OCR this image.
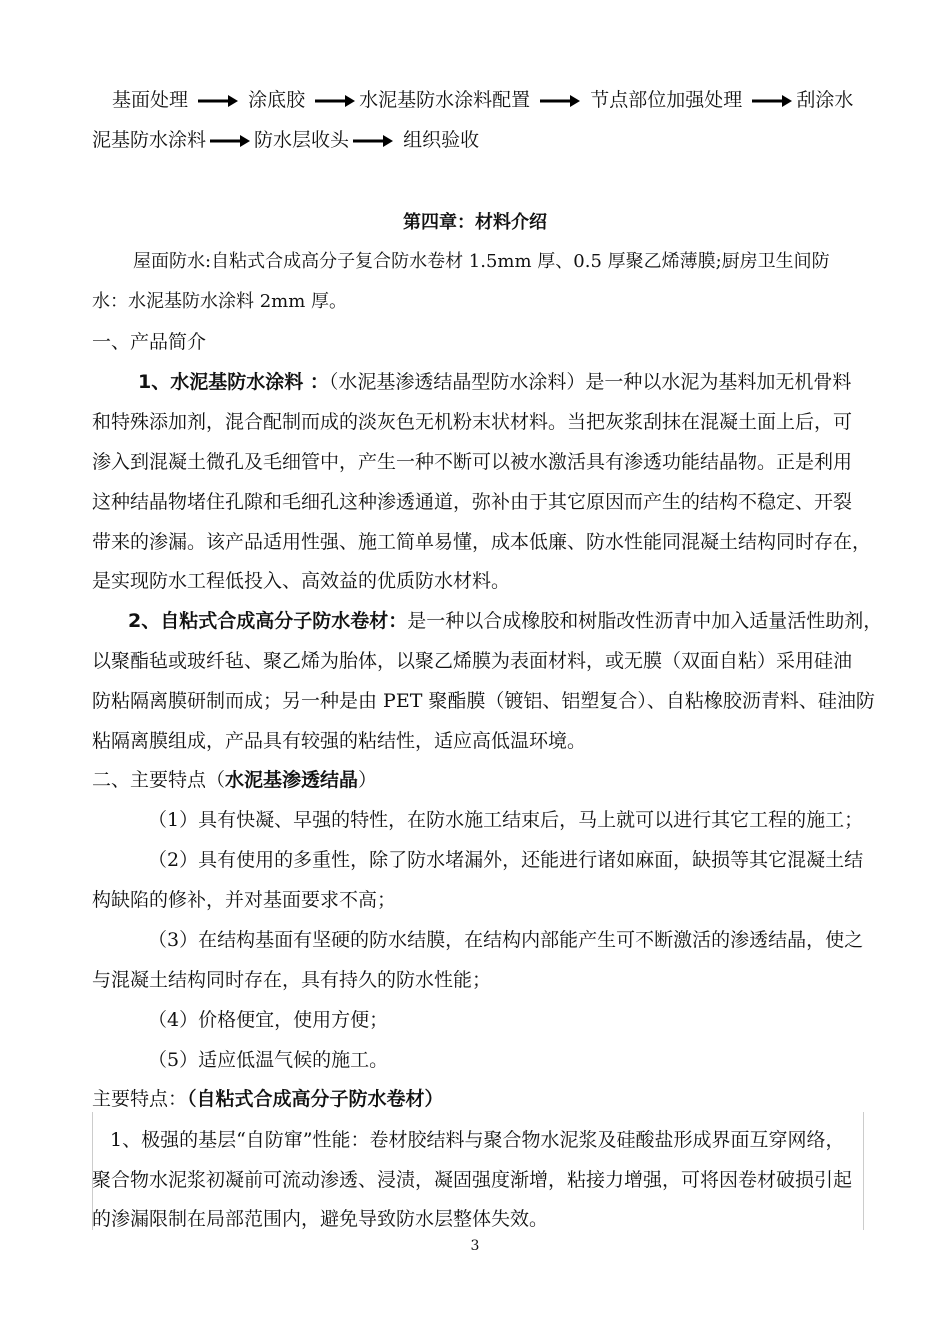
基面处理	涂底胶	水泥基防水涂料配置	节点部位加强处理	刮涂水
泥基防水涂料	防水层收头	组织验收
第四章：材料介绍
屋面防水:自粘式合成高分子复合防水卷材 1.5mm 厚、0.5 厚聚乙烯薄膜;厨房卫生间防
水：水泥基防水涂料 2mm 厚。
一、产品简介
1、水泥基防水涂料 ：（水泥基渗透结晶型防水涂料）是一种以水泥为基料加无机骨料
和特殊添加剂，混合配制而成的淡灰色无机粉末状材料。当把灰浆刮抹在混凝土面上后，可
渗入到混凝土微孔及毛细管中，产生一种不断可以被水激活具有渗透功能结晶物。正是利用
这种结晶物堵住孔隙和毛细孔这种渗透通道，弥补由于其它原因而产生的结构不稳定、开裂
带来的渗漏。该产品适用性强、施工简单易懂，成本低廉、防水性能同混凝土结构同时存在，
是实现防水工程低投入、高效益的优质防水材料。
2、自粘式合成高分子防水卷材：是一种以合成橡胶和树脂改性沥青中加入适量活性助剂，
以聚酯毡或玻纤毡、聚乙烯为胎体，以聚乙烯膜为表面材料，或无膜（双面自粘）采用硅油
防粘隔离膜研制而成；另一种是由 PET 聚酯膜（镀铝、铝塑复合）、自粘橡胶沥青料、硅油防
粘隔离膜组成，产品具有较强的粘结性，适应高低温环境。
二、主要特点（水泥基渗透结晶）
（1）具有快凝、早强的特性，在防水施工结束后，马上就可以进行其它工程的施工；
（2）具有使用的多重性，除了防水堵漏外，还能进行诸如麻面，缺损等其它混凝土结
构缺陷的修补，并对基面要求不高；
（3）在结构基面有坚硬的防水结膜，在结构内部能产生可不断激活的渗透结晶，使之
与混凝土结构同时存在，具有持久的防水性能；
（4）价格便宜，使用方便；
（5）适应低温气候的施工。
主要特点：（自粘式合成高分子防水卷材）
1、极强的基层“自防窜”性能：卷材胶结料与聚合物水泥浆及硅酸盐形成界面互穿网络，
聚合物水泥浆初凝前可流动渗透、浸渍，凝固强度渐增，粘接力增强，可将因卷材破损引起
的渗漏限制在局部范围内，避免导致防水层整体失效。
3
